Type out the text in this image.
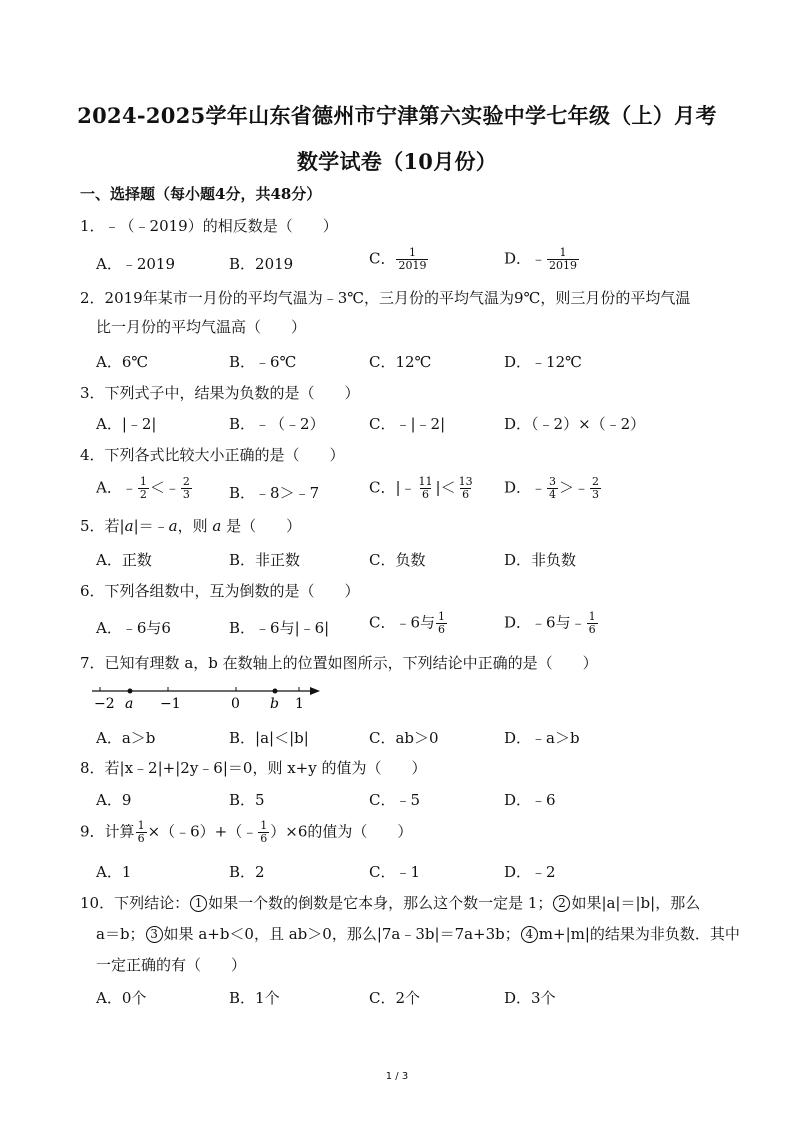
2024-2025学年山东省德州市宁津第六实验中学七年级（上）月考
数学试卷（10月份）
一、选择题（每小题4分，共48分）
1．﹣（﹣2019）的相反数是（　　）
A．﹣2019	B．2019	C． $\frac{1}{2019}$	D．﹣ $\frac{1}{2019}$
2．2019年某市一月份的平均气温为﹣3℃，三月份的平均气温为9℃，则三月份的平均气温
比一月份的平均气温高（　　）
A．6℃	B．﹣6℃	C．12℃	D．﹣12℃
3．下列式子中，结果为负数的是（　　）
A．|﹣2|	B．﹣（﹣2）	C．﹣|﹣2|	D．（﹣2）×（﹣2）
4．下列各式比较大小正确的是（　　）
A．﹣ $\frac{1}{2}$ ＜﹣ $\frac{2}{3}$ B．﹣8＞﹣7	C．|﹣ $\frac{11}{6}$ |＜ $\frac{13}{6}$ D．﹣ $\frac{3}{4}$ ＞﹣ $\frac{2}{3}$
5．若|a|＝﹣a，则 a 是（　　）
A．正数	B．非正数	C．负数	D．非负数
6．下列各组数中，互为倒数的是（　　）
A．﹣6与6	B．﹣6与|﹣6|	C．﹣6与 $\frac{1}{6}$	D．﹣6与﹣ $\frac{1}{6}$
7．已知有理数 a，b 在数轴上的位置如图所示，下列结论中正确的是（　　）
−2 a −1	0 b 1
A．a＞b	B．|a|＜|b|	C．ab＞0	D．﹣a＞b
8．若|x﹣2|+|2y﹣6|＝0，则 x+y 的值为（　　）
A．9	B．5	C．﹣5	D．﹣6
9．计算 $\frac{1}{6}$ ×（﹣6）+（﹣ $\frac{1}{6} )\times 6$的值为（　　）
A．1	B．2	C．﹣1	D．﹣2
10．下列结论： 1 如果一个数的倒数是它本身，那么这个数一定是 1； 2 如果|a|＝|b|，那么
a＝b； 3 如果 a+b＜0，且 ab＞0，那么|7a﹣3b|＝7a+3b； 4 m+|m|的结果为非负数．其中
一定正确的有（　　）
A．0个	B．1个	C．2个	D．3个
1 / 3
